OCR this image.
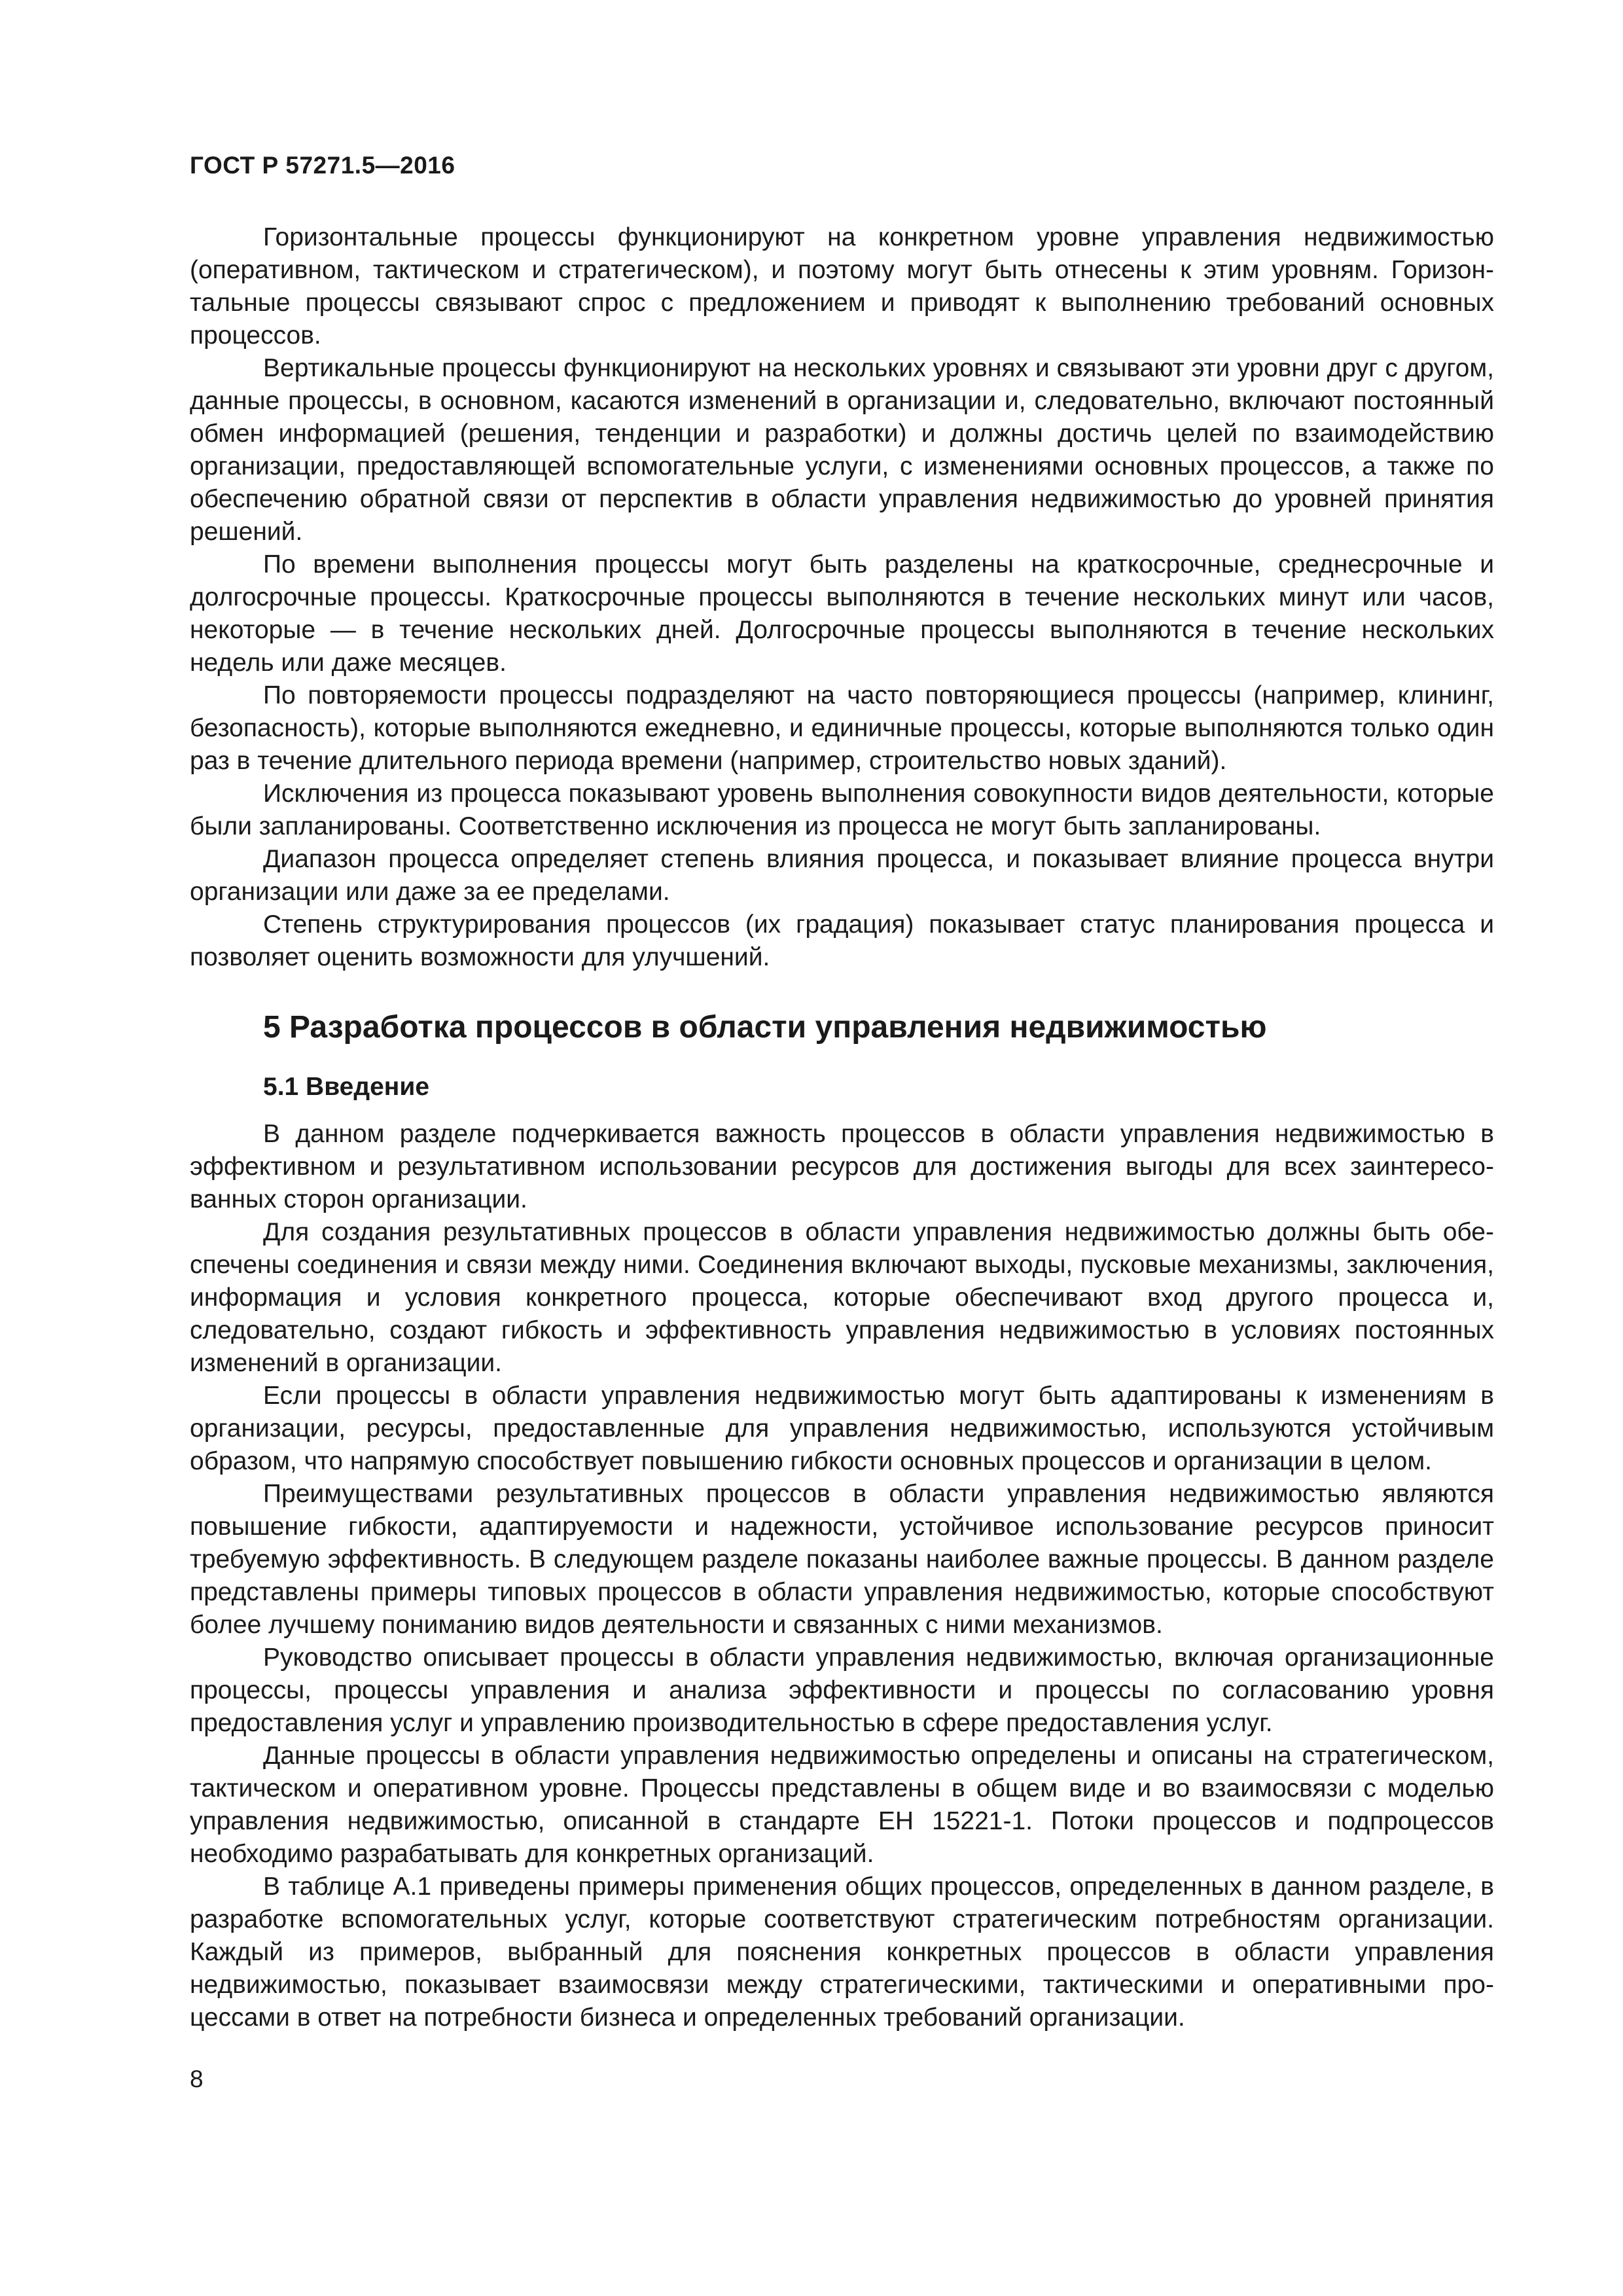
ГОСТ Р 57271.5—2016

Горизонтальные процессы функционируют на конкретном уровне управления недвижимостью (оперативном, тактическом и стратегическом), и поэтому могут быть отнесены к этим уровням. Горизонтальные процессы связывают спрос с предложением и приводят к выполнению требований основных процессов.

Вертикальные процессы функционируют на нескольких уровнях и связывают эти уровни друг с другом, данные процессы, в основном, касаются изменений в организации и, следовательно, включают постоянный обмен информацией (решения, тенденции и разработки) и должны достичь целей по взаимодействию организации, предоставляющей вспомогательные услуги, с изменениями основных процессов, а также по обеспечению обратной связи от перспектив в области управления недвижимостью до уровней принятия решений.

По времени выполнения процессы могут быть разделены на краткосрочные, среднесрочные и долгосрочные процессы. Краткосрочные процессы выполняются в течение нескольких минут или часов, некоторые — в течение нескольких дней. Долгосрочные процессы выполняются в течение нескольких недель или даже месяцев.

По повторяемости процессы подразделяют на часто повторяющиеся процессы (например, клининг, безопасность), которые выполняются ежедневно, и единичные процессы, которые выполняются только один раз в течение длительного периода времени (например, строительство новых зданий).

Исключения из процесса показывают уровень выполнения совокупности видов деятельности, которые были запланированы. Соответственно исключения из процесса не могут быть запланированы.

Диапазон процесса определяет степень влияния процесса, и показывает влияние процесса внутри организации или даже за ее пределами.

Степень структурирования процессов (их градация) показывает статус планирования процесса и позволяет оценить возможности для улучшений.

5 Разработка процессов в области управления недвижимостью
5.1 Введение

В данном разделе подчеркивается важность процессов в области управления недвижимостью в эффективном и результативном использовании ресурсов для достижения выгоды для всех заинтересованных сторон организации.

Для создания результативных процессов в области управления недвижимостью должны быть обеспечены соединения и связи между ними. Соединения включают выходы, пусковые механизмы, заключения, информация и условия конкретного процесса, которые обеспечивают вход другого процесса и, следовательно, создают гибкость и эффективность управления недвижимостью в условиях постоянных изменений в организации.

Если процессы в области управления недвижимостью могут быть адаптированы к изменениям в организации, ресурсы, предоставленные для управления недвижимостью, используются устойчивым образом, что напрямую способствует повышению гибкости основных процессов и организации в целом.

Преимуществами результативных процессов в области управления недвижимостью являются повышение гибкости, адаптируемости и надежности, устойчивое использование ресурсов приносит требуемую эффективность. В следующем разделе показаны наиболее важные процессы. В данном разделе представлены примеры типовых процессов в области управления недвижимостью, которые способствуют более лучшему пониманию видов деятельности и связанных с ними механизмов.

Руководство описывает процессы в области управления недвижимостью, включая организационные процессы, процессы управления и анализа эффективности и процессы по согласованию уровня предоставления услуг и управлению производительностью в сфере предоставления услуг.

Данные процессы в области управления недвижимостью определены и описаны на стратегическом, тактическом и оперативном уровне. Процессы представлены в общем виде и во взаимосвязи с моделью управления недвижимостью, описанной в стандарте ЕН 15221-1. Потоки процессов и подпроцессов необходимо разрабатывать для конкретных организаций.

В таблице А.1 приведены примеры применения общих процессов, определенных в данном разделе, в разработке вспомогательных услуг, которые соответствуют стратегическим потребностям организации. Каждый из примеров, выбранный для пояснения конкретных процессов в области управления недвижимостью, показывает взаимосвязи между стратегическими, тактическими и оперативными процессами в ответ на потребности бизнеса и определенных требований организации.

8
